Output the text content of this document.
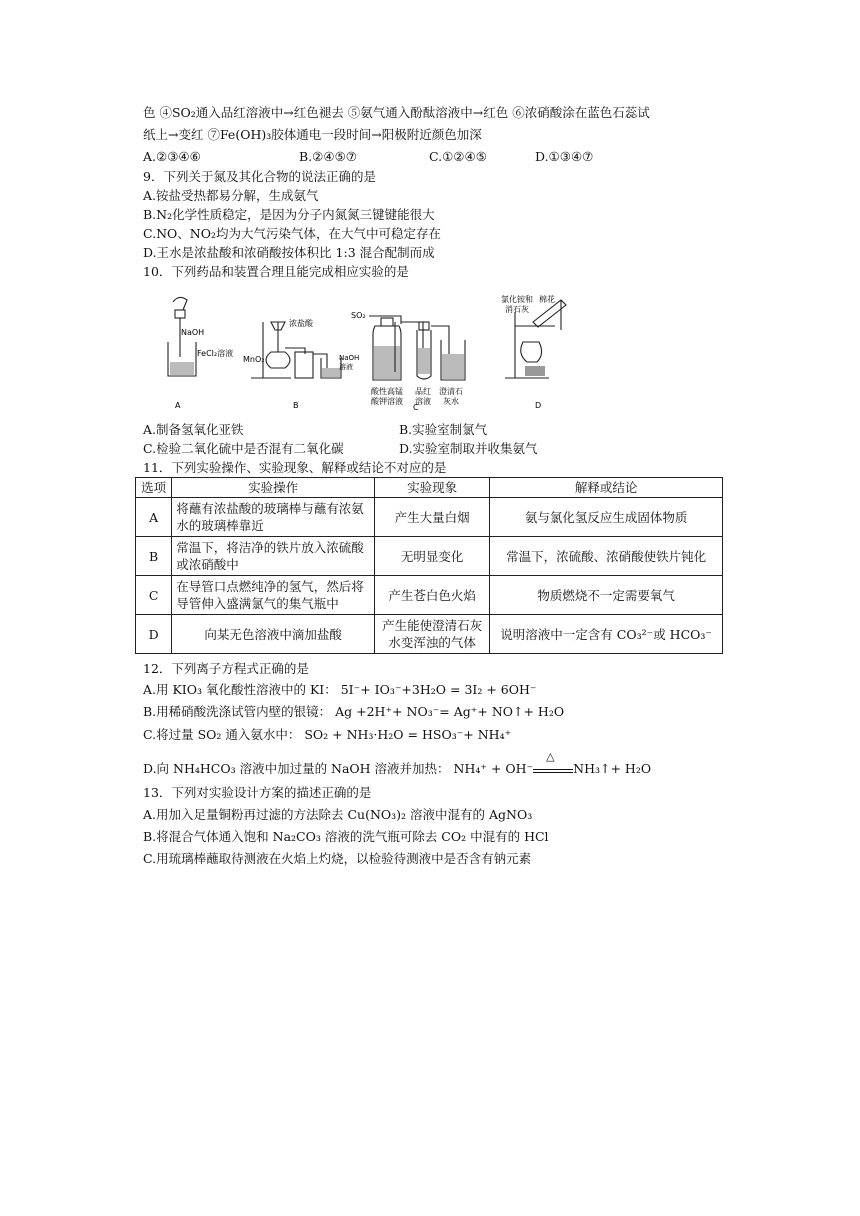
色 ④SO₂通入品红溶液中→红色褪去 ⑤氨气通入酚酞溶液中→红色 ⑥浓硝酸涂在蓝色石蕊试
纸上→变红 ⑦Fe(OH)₃胶体通电一段时间→阳极附近颜色加深
A.②③④⑥	B.②④⑤⑦	C.①②④⑤	D.①③④⑦
9．下列关于氮及其化合物的说法正确的是
A.铵盐受热都易分解，生成氨气
B.N₂化学性质稳定，是因为分子内氮氮三键键能很大
C.NO、NO₂均为大气污染气体，在大气中可稳定存在
D.王水是浓盐酸和浓硝酸按体积比 1:3 混合配制而成
10．下列药品和装置合理且能完成相应实验的是
NaOH
FeCl₂溶液
浓盐酸
MnO₂	NaOH
溶液
SO₂
酸性高锰
酸钾溶液
品红
溶液
澄清石
灰水
氯化铵和
消石灰
棉花
A	B	C	D
A.制备氢氧化亚铁	B.实验室制氯气
C.检验二氧化硫中是否混有二氧化碳	D.实验室制取并收集氨气
11．下列实验操作、实验现象、解释或结论不对应的是
选项	实验操作	实验现象	解释或结论
A	将蘸有浓盐酸的玻璃棒与蘸有浓氨水的玻璃棒靠近	产生大量白烟	氨与氯化氢反应生成固体物质
B	常温下，将洁净的铁片放入浓硫酸或浓硝酸中	无明显变化	常温下，浓硫酸、浓硝酸使铁片钝化
C	在导管口点燃纯净的氢气，然后将导管伸入盛满氯气的集气瓶中	产生苍白色火焰	物质燃烧不一定需要氧气
D	向某无色溶液中滴加盐酸	产生能使澄清石灰水变浑浊的气体	说明溶液中一定含有 CO₃²⁻或 HCO₃⁻
12．下列离子方程式正确的是
A.用 KIO₃ 氧化酸性溶液中的 KI： 5I⁻+ IO₃⁻+3H₂O = 3I₂ + 6OH⁻
B.用稀硝酸洗涤试管内壁的银镜： Ag +2H⁺+ NO₃⁻= Ag⁺+ NO↑+ H₂O
C.将过量 SO₂ 通入氨水中： SO₂ + NH₃·H₂O = HSO₃⁻+ NH₄⁺
D.向 NH₄HCO₃ 溶液中加过量的 NaOH 溶液并加热： NH₄⁺ + OH⁻
△
NH₃↑+ H₂O
13．下列对实验设计方案的描述正确的是
A.用加入足量铜粉再过滤的方法除去 Cu(NO₃)₂ 溶液中混有的 AgNO₃
B.将混合气体通入饱和 Na₂CO₃ 溶液的洗气瓶可除去 CO₂ 中混有的 HCl
C.用琉璃棒蘸取待测液在火焰上灼烧，以检验待测液中是否含有钠元素
